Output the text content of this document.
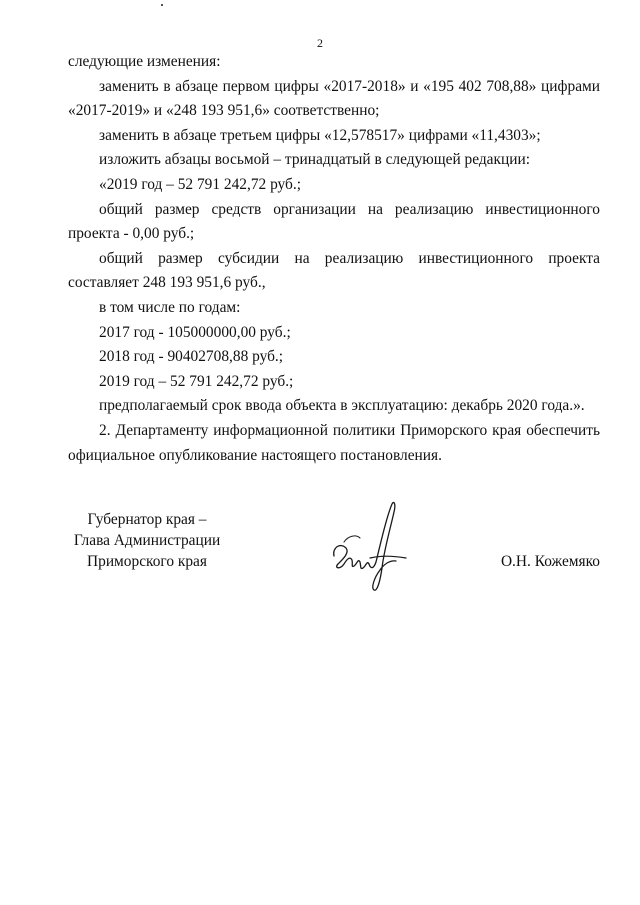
2

следующие изменения:

заменить в абзаце первом цифры «2017-2018» и «195 402 708,88» цифрами «2017-2019» и «248 193 951,6» соответственно;

заменить в абзаце третьем цифры «12,578517» цифрами «11,4303»;

изложить абзацы восьмой – тринадцатый в следующей редакции:

«2019 год – 52 791 242,72 руб.;

общий размер средств организации на реализацию инвестиционного проекта - 0,00 руб.;

общий размер субсидии на реализацию инвестиционного проекта составляет 248 193 951,6 руб.,

в том числе по годам:

2017 год - 105000000,00 руб.;

2018 год - 90402708,88 руб.;

2019 год – 52 791 242,72 руб.;

предполагаемый срок ввода объекта в эксплуатацию: декабрь 2020 года.».

2. Департаменту информационной политики Приморского края обеспечить официальное опубликование настоящего постановления.

Губернатор края –
Глава Администрации
Приморского края	О.Н. Кожемяко
